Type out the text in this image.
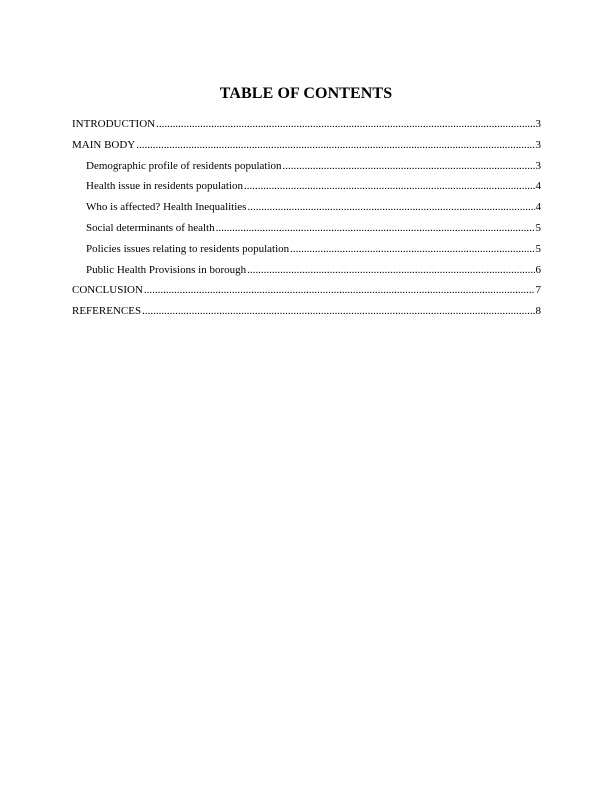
TABLE OF CONTENTS
INTRODUCTION .....	3
MAIN BODY .....	3
Demographic profile of residents population .....	3
Health issue in residents population .....	4
Who is affected? Health Inequalities .....	4
Social determinants of health .....	5
Policies issues relating to residents population .....	5
Public Health Provisions in borough .....	6
CONCLUSION .....	7
REFERENCES .....	8
